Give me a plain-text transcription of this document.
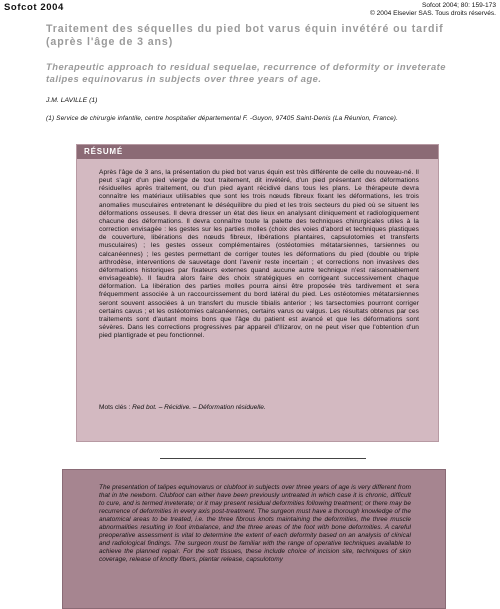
Sofcot 2004	Sofcot 2004; 80: 159-173
© 2004 Elsevier SAS. Tous droits réservés.
Traitement des séquelles du pied bot varus équin invétéré ou tardif (après l'âge de 3 ans)
Therapeutic approach to residual sequelae, recurrence of deformity or inveterate talipes equinovarus in subjects over three years of age.
J.M. LAVILLE (1)
(1) Service de chirurgie infantile, centre hospitalier départemental F. -Guyon, 97405 Saint-Denis (La Réunion, France).
RÉSUMÉ
Après l'âge de 3 ans, la présentation du pied bot varus équin est très différente de celle du nouveau-né. Il peut s'agir d'un pied vierge de tout traitement, dit invétéré, d'un pied présentant des déformations résiduelles après traitement, ou d'un pied ayant récidivé dans tous les plans. Le thérapeute devra connaître les matériaux utilisables que sont les trois nœuds fibreux fixant les déformations, les trois anomalies musculaires entretenant le déséquilibre du pied et les trois secteurs du pied où se situent les déformations osseuses. Il devra dresser un état des lieux en analysant cliniquement et radiologiquement chacune des déformations. Il devra connaître toute la palette des techniques chirurgicales utiles à la correction envisagée : les gestes sur les parties molles (choix des voies d'abord et techniques plastiques de couverture, libérations des nœuds fibreux, libérations plantaires, capsulotomies et transferts musculaires) ; les gestes osseux complémentaires (ostéotomies métatarsiennes, tarsiennes ou calcanéennes) ; les gestes permettant de corriger toutes les déformations du pied (double ou triple arthrodèse, interventions de sauvetage dont l'avenir reste incertain ; et corrections non invasives des déformations historiques par fixateurs externes quand aucune autre technique n'est raisonnablement envisageable). Il faudra alors faire des choix stratégiques en corrigeant successivement chaque déformation. La libération des parties molles pourra ainsi être proposée très tardivement et sera fréquemment associée à un raccourcissement du bord latéral du pied. Les ostéotomies métatarsiennes seront souvent associées à un transfert du muscle tibialis anterior ; les tarsectomies pourront corriger certains cavus ; et les ostéotomies calcanéennes, certains varus ou valgus. Les résultats obtenus par ces traitements sont d'autant moins bons que l'âge du patient est avancé et que les déformations sont sévères. Dans les corrections progressives par appareil d'Ilizarov, on ne peut viser que l'obtention d'un pied plantigrade et peu fonctionnel.
Mots clés : Red bot. – Récidive. – Déformation résiduelle.
The presentation of talipes equinovarus or clubfoot in subjects over three years of age is very different from that in the newborn. Clubfoot can either have been previously untreated in which case it is chronic, difficult to cure, and is termed inveterate; or it may present residual deformities following treatment; or there may be recurrence of deformities in every axis post-treatment. The surgeon must have a thorough knowledge of the anatomical areas to be treated, i.e. the three fibrous knots maintaining the deformities, the three muscle abnormalities resulting in foot imbalance, and the three areas of the foot with bone deformities. A careful preoperative assessment is vital to determine the extent of each deformity based on an analysis of clinical and radiological findings. The surgeon must be familiar with the range of operative techniques available to achieve the planned repair. For the soft tissues, these include choice of incision site, techniques of skin coverage, release of knotty fibers, plantar release, capsulotomy
